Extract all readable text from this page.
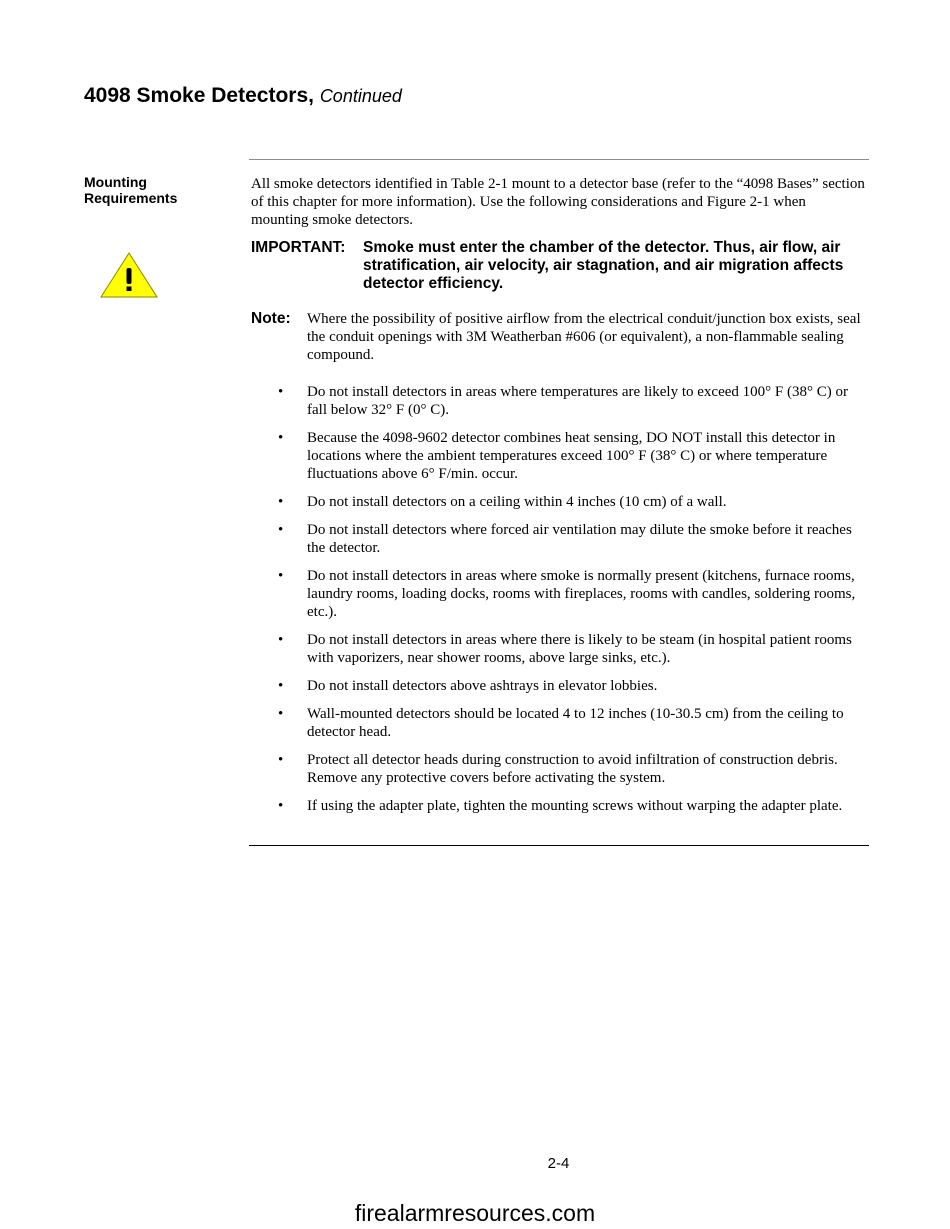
4098 Smoke Detectors, Continued
Mounting Requirements

All smoke detectors identified in Table 2-1 mount to a detector base (refer to the “4098 Bases” section of this chapter for more information). Use the following considerations and Figure 2-1 when mounting smoke detectors.

IMPORTANT:	Smoke must enter the chamber of the detector. Thus, air flow, air stratification, air velocity, air stagnation, and air migration affects detector efficiency.
Note:	Where the possibility of positive airflow from the electrical conduit/junction box exists, seal the conduit openings with 3M Weatherban #606 (or equivalent), a non-flammable sealing compound.
• Do not install detectors in areas where temperatures are likely to exceed 100° F (38° C) or fall below 32° F (0° C).
• Because the 4098-9602 detector combines heat sensing, DO NOT install this detector in locations where the ambient temperatures exceed 100° F (38° C) or where temperature fluctuations above 6° F/min. occur.
• Do not install detectors on a ceiling within 4 inches (10 cm) of a wall.
• Do not install detectors where forced air ventilation may dilute the smoke before it reaches the detector.
• Do not install detectors in areas where smoke is normally present (kitchens, furnace rooms, laundry rooms, loading docks, rooms with fireplaces, rooms with candles, soldering rooms, etc.).
• Do not install detectors in areas where there is likely to be steam (in hospital patient rooms with vaporizers, near shower rooms, above large sinks, etc.).
• Do not install detectors above ashtrays in elevator lobbies.
• Wall-mounted detectors should be located 4 to 12 inches (10-30.5 cm) from the ceiling to detector head.
• Protect all detector heads during construction to avoid infiltration of construction debris. Remove any protective covers before activating the system.
• If using the adapter plate, tighten the mounting screws without warping the adapter plate.

2-4

firealarmresources.com
